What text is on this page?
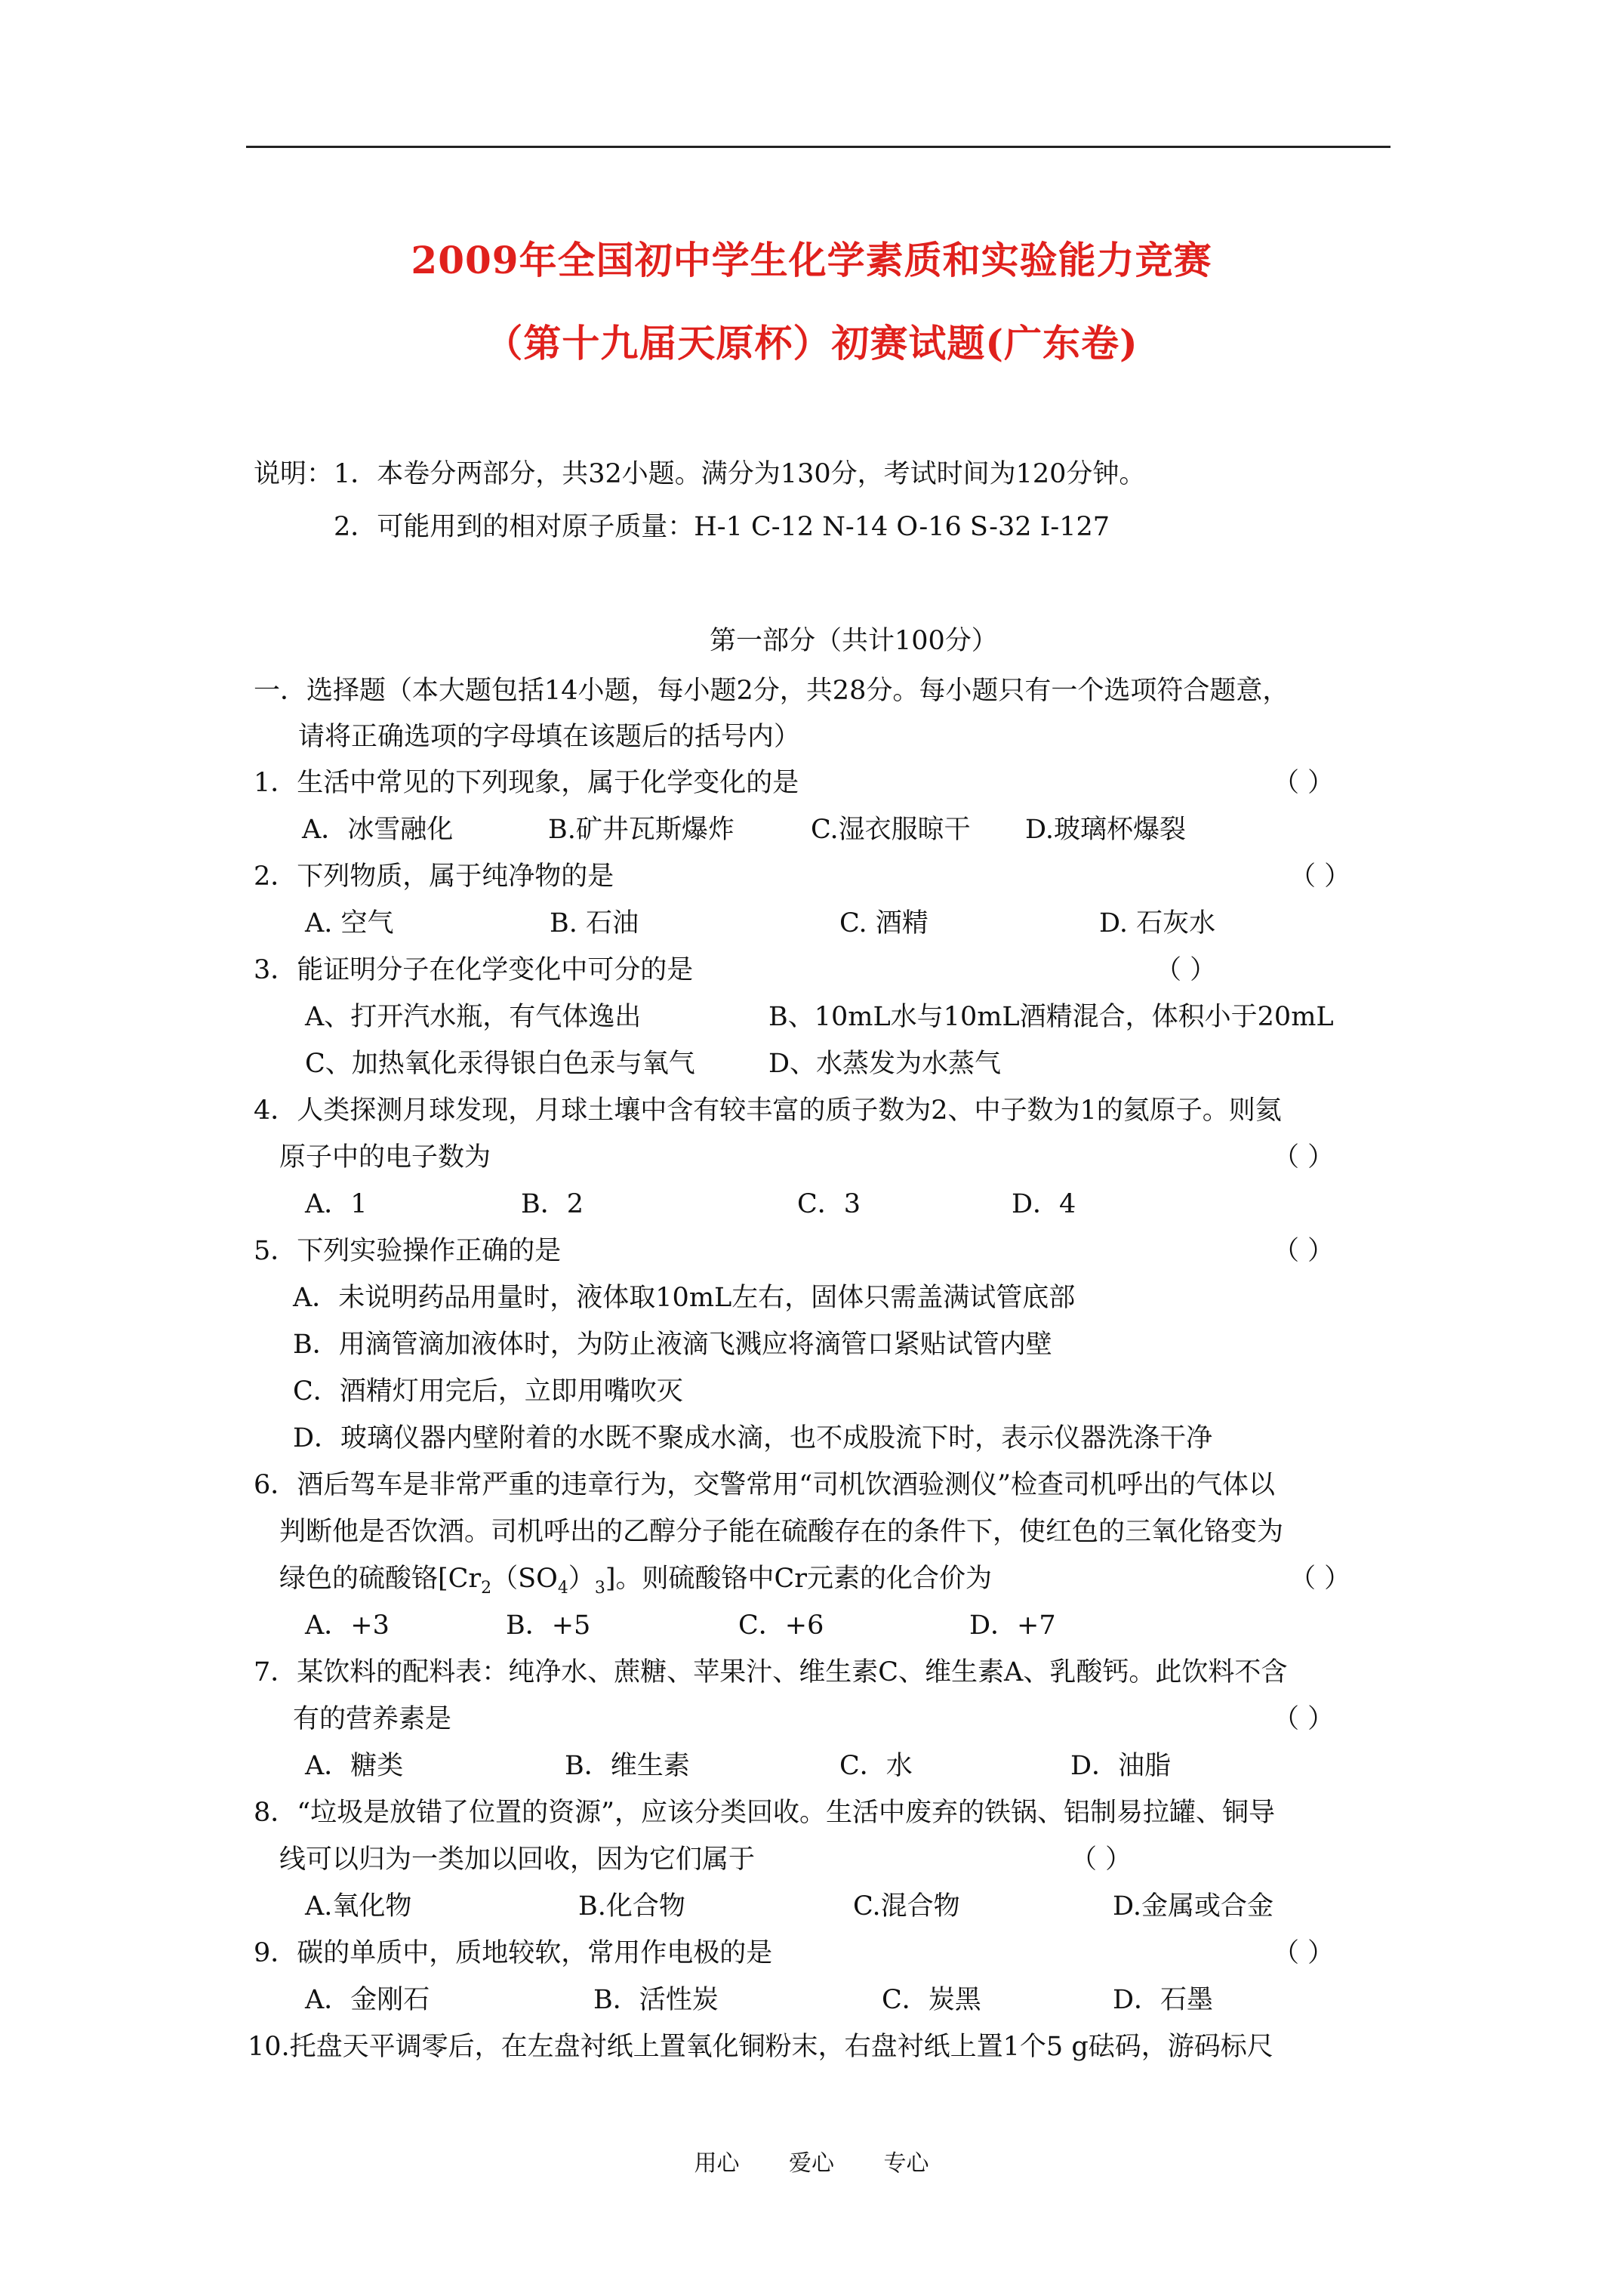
2009年全国初中学生化学素质和实验能力竞赛
（第十九届天原杯）初赛试题(广东卷)
说明： 1．本卷分两部分，共32小题。满分为130分，考试时间为120分钟。
2．可能用到的相对原子质量：H-1 C-12 N-14 O-16 S-32 I-127
第一部分（共计100分）
一．选择题（本大题包括14小题，每小题2分，共28分。每小题只有一个选项符合题意，
请将正确选项的字母填在该题后的括号内）
1．生活中常见的下列现象，属于化学变化的是	（ ）
A．冰雪融化	B.矿井瓦斯爆炸	C.湿衣服晾干 D.玻璃杯爆裂
2．下列物质，属于纯净物的是	（ ）
A. 空气	B. 石油	C. 酒精	D. 石灰水
3．能证明分子在化学变化中可分的是	（ ）
A、打开汽水瓶，有气体逸出	B、10mL水与10mL酒精混合，体积小于20mL
C、加热氧化汞得银白色汞与氧气	D、水蒸发为水蒸气
4．人类探测月球发现，月球土壤中含有较丰富的质子数为2、中子数为1的氦原子。则氦
原子中的电子数为	（ ）
A．1	B．2	C．3	D．4
5．下列实验操作正确的是	（ ）
A．未说明药品用量时，液体取10mL左右，固体只需盖满试管底部
B．用滴管滴加液体时，为防止液滴飞溅应将滴管口紧贴试管内壁
C．酒精灯用完后，立即用嘴吹灭
D．玻璃仪器内壁附着的水既不聚成水滴，也不成股流下时，表示仪器洗涤干净
6．酒后驾车是非常严重的违章行为，交警常用“司机饮酒验测仪”检查司机呼出的气体以
判断他是否饮酒。司机呼出的乙醇分子能在硫酸存在的条件下，使红色的三氧化铬变为
绿色的硫酸铬$[Cr_2(SO_4)_3]$。则硫酸铬中Cr元素的化合价为	（ ）
A．+3	B．+5	C．+6	D．+7
7．某饮料的配料表：纯净水、蔗糖、苹果汁、维生素C、维生素A、乳酸钙。此饮料不含
有的营养素是	（ ）
A．糖类	B．维生素	C．水	D．油脂
8．“垃圾是放错了位置的资源”，应该分类回收。生活中废弃的铁锅、铝制易拉罐、铜导
线可以归为一类加以回收，因为它们属于	（ ）
A.氧化物	B.化合物	C.混合物	D.金属或合金
9．碳的单质中，质地较软，常用作电极的是	（ ）
A．金刚石	B．活性炭	C．炭黑	D．石墨
10.托盘天平调零后，在左盘衬纸上置氧化铜粉末，右盘衬纸上置1个5 g砝码，游码标尺
用心 爱心 专心
